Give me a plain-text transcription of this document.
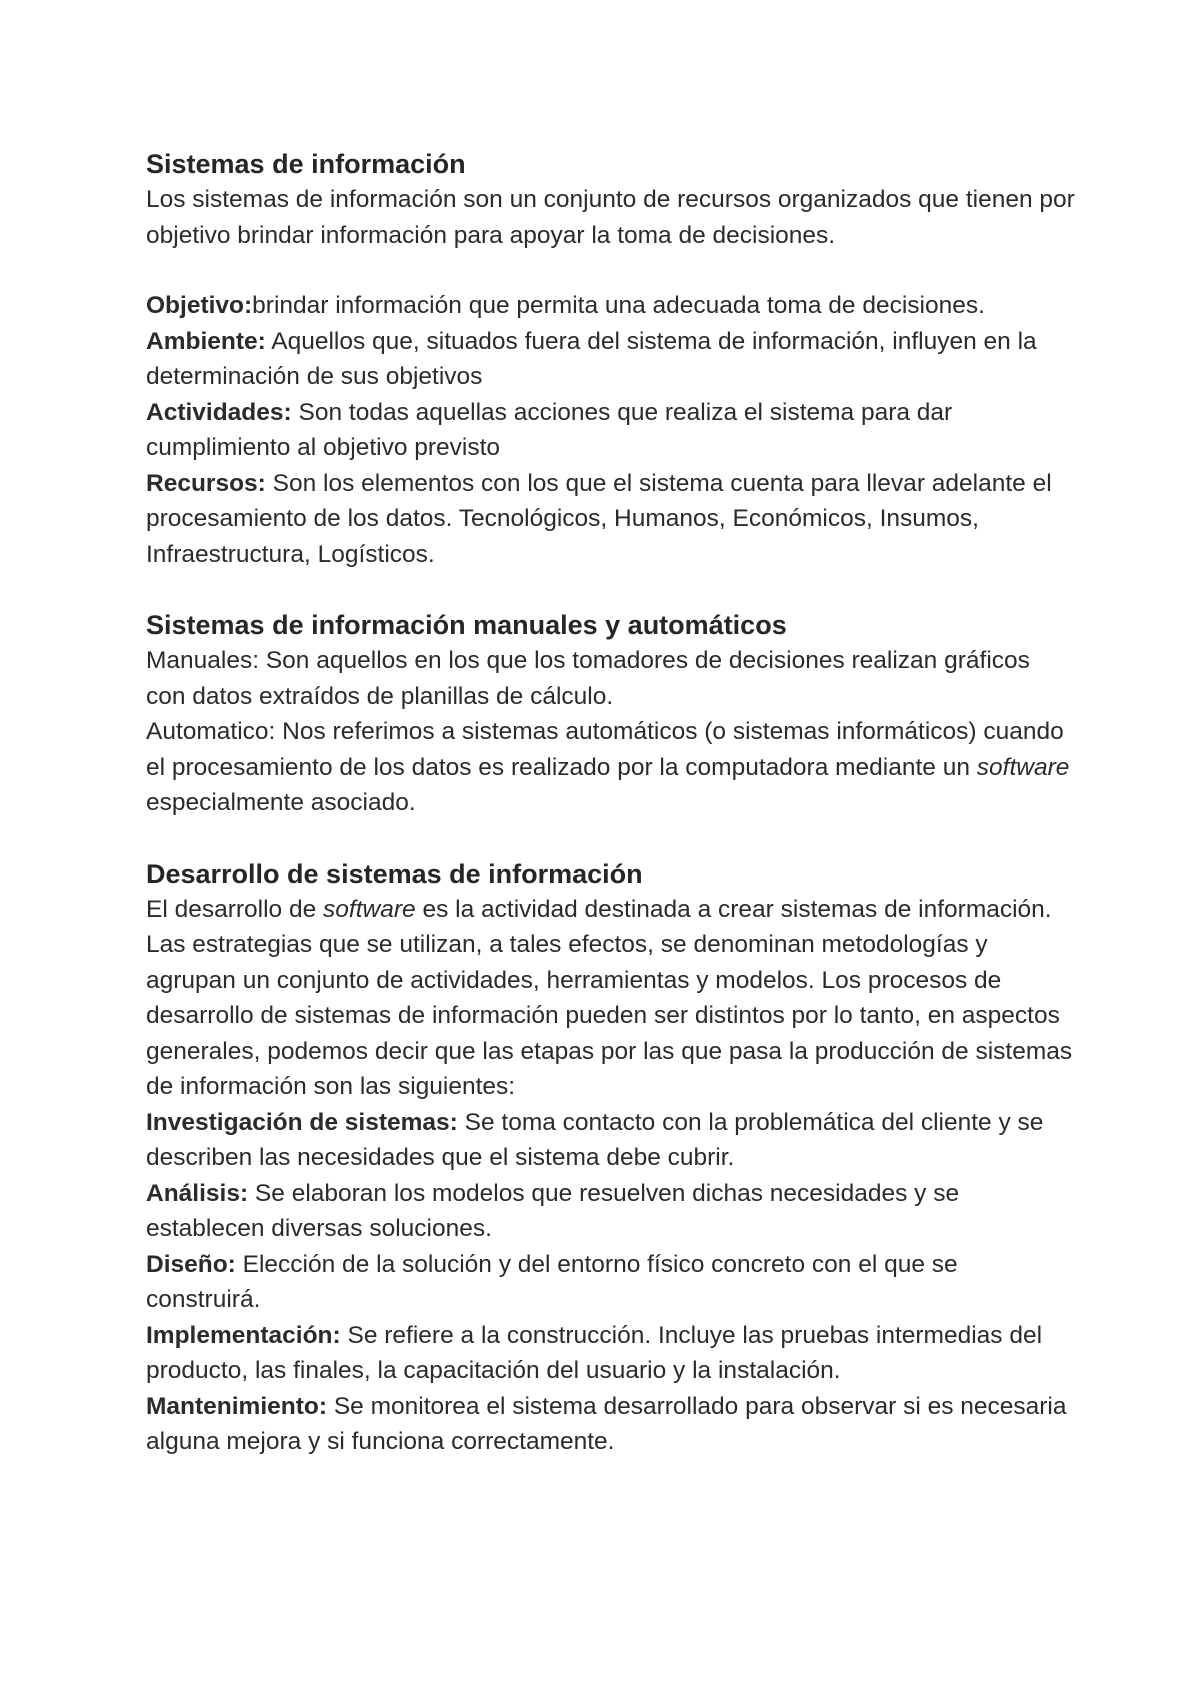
Sistemas de información

Los sistemas de información son un conjunto de recursos organizados que tienen por objetivo brindar información para apoyar la toma de decisiones.

Objetivo:brindar información que permita una adecuada toma de decisiones.

Ambiente: Aquellos que, situados fuera del sistema de información, influyen en la determinación de sus objetivos

Actividades: Son todas aquellas acciones que realiza el sistema para dar cumplimiento al objetivo previsto

Recursos: Son los elementos con los que el sistema cuenta para llevar adelante el procesamiento de los datos. Tecnológicos, Humanos, Económicos, Insumos, Infraestructura, Logísticos.

Sistemas de información manuales y automáticos

Manuales: Son aquellos en los que los tomadores de decisiones realizan gráficos con datos extraídos de planillas de cálculo.

Automatico: Nos referimos a sistemas automáticos (o sistemas informáticos) cuando el procesamiento de los datos es realizado por la computadora mediante un software especialmente asociado.

Desarrollo de sistemas de información

El desarrollo de software es la actividad destinada a crear sistemas de información. Las estrategias que se utilizan, a tales efectos, se denominan metodologías y agrupan un conjunto de actividades, herramientas y modelos. Los procesos de desarrollo de sistemas de información pueden ser distintos por lo tanto, en aspectos generales, podemos decir que las etapas por las que pasa la producción de sistemas de información son las siguientes:

Investigación de sistemas: Se toma contacto con la problemática del cliente y se describen las necesidades que el sistema debe cubrir.

Análisis: Se elaboran los modelos que resuelven dichas necesidades y se establecen diversas soluciones.

Diseño: Elección de la solución y del entorno físico concreto con el que se construirá.

Implementación: Se refiere a la construcción. Incluye las pruebas intermedias del producto, las finales, la capacitación del usuario y la instalación.

Mantenimiento: Se monitorea el sistema desarrollado para observar si es necesaria alguna mejora y si funciona correctamente.
